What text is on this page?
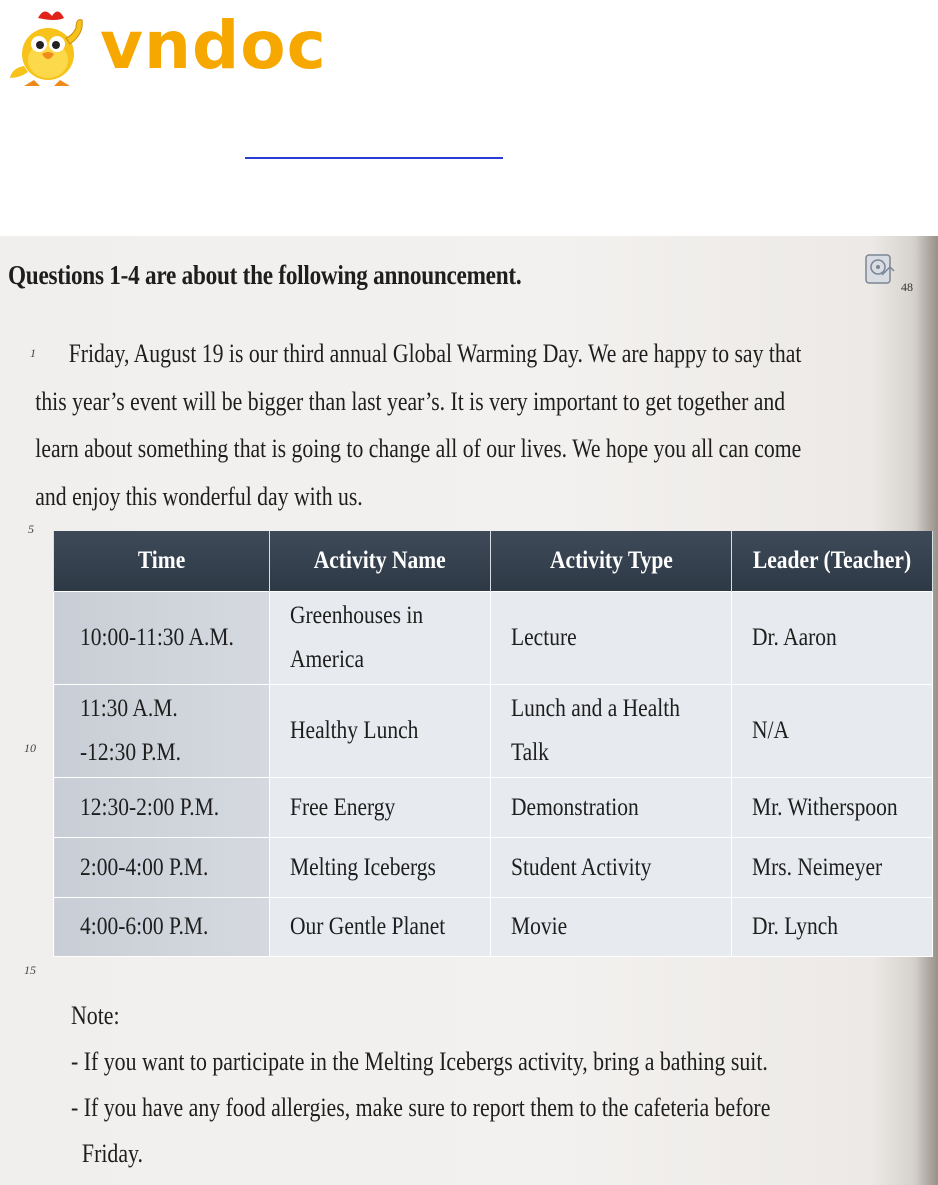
vndoc
Questions 1-4 are about the following announcement.	48
1
5
10
15

Friday, August 19 is our third annual Global Warming Day. We are happy to say that
this year’s event will be bigger than last year’s. It is very important to get together and
learn about something that is going to change all of our lives. We hope you all can come
and enjoy this wonderful day with us.

Time	Activity Name	Activity Type	Leader (Teacher)
10:00-11:30 A.M.	Greenhouses in America	Lecture	Dr. Aaron
11:30 A.M.
-12:30 P.M.	Healthy Lunch	Lunch and a Health Talk	N/A
12:30-2:00 P.M.	Free Energy	Demonstration	Mr. Witherspoon
2:00-4:00 P.M.	Melting Icebergs	Student Activity	Mrs. Neimeyer
4:00-6:00 P.M.	Our Gentle Planet	Movie	Dr. Lynch
Note:
- If you want to participate in the Melting Icebergs activity, bring a bathing suit.
- If you have any food allergies, make sure to report them to the cafeteria before
Friday.
